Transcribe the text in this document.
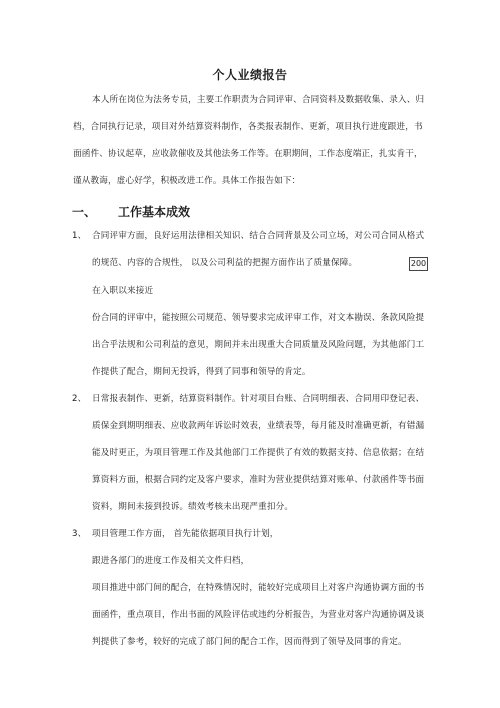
个人业绩报告
本人所在岗位为法务专员，主要工作职责为合同评审、合同资料及数据收集、录入、归
档，合同执行记录，项目对外结算资料制作，各类报表制作、更新，项目执行进度跟进，书
面函件、协议起草，应收款催收及其他法务工作等。在职期间，工作态度端正，扎实肯干，
谨从教诲，虚心好学，积极改进工作。具体工作报告如下：
一、 工作基本成效
1、 合同评审方面，良好运用法律相关知识、结合合同背景及公司立场，对公司合同从格式
的规范、内容的合规性， 以及公司利益的把握方面作出了质量保障。
在入职以来接近
份合同的评审中，能按照公司规范、领导要求完成评审工作，对文本勘误、条款风险提
出合乎法规和公司利益的意见，期间并未出现重大合同质量及风险问题，为其他部门工
作提供了配合，期间无投诉，得到了同事和领导的肯定。
2、 日常报表制作、更新，结算资料制作。针对项目台账、合同明细表、合同用印登记表、
质保金到期明细表、应收款两年诉讼时效表，业绩表等，每月能及时准确更新，有错漏
能及时更正，为项目管理工作及其他部门工作提供了有效的数据支持、信息依据；在结
算资料方面，根据合同约定及客户要求，准时为营业提供结算对账单、付款函件等书面
资料，期间未接到投诉。绩效考核未出现严重扣分。
3、 项目管理工作方面， 首先能依据项目执行计划，
跟进各部门的进度工作及相关文件归档，
项目推进中部门间的配合，在特殊情况时，能较好完成项目上对客户沟通协调方面的书
面函件，重点项目，作出书面的风险评估或违约分析报告，为营业对客户沟通协调及谈
判提供了参考，较好的完成了部门间的配合工作，因而得到了领导及同事的肯定。
200
